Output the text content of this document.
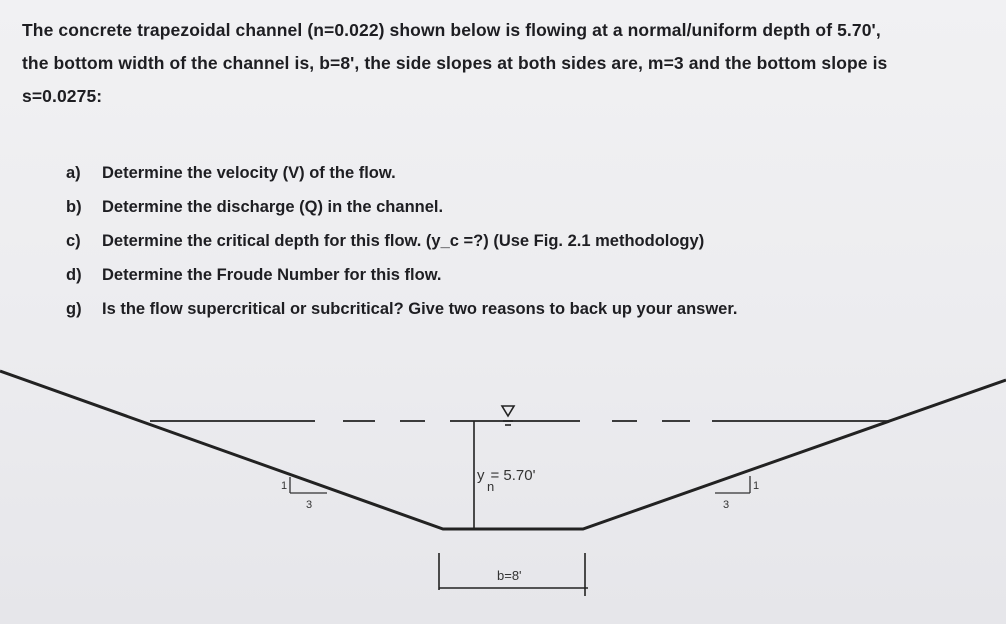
The concrete trapezoidal channel (n=0.022) shown below is flowing at a normal/uniform depth of 5.70',
the bottom width of the channel is, b=8', the side slopes at both sides are, m=3 and the bottom slope is
s=0.0275:
a)	Determine the velocity (V) of the flow.
b)	Determine the discharge (Q) in the channel.
c)	Determine the critical depth for this flow. (y_c =?) (Use Fig. 2.1 methodology)
d)	Determine the Froude Number for this flow.
g)	Is the flow supercritical or subcritical? Give two reasons to back up your answer.
y = 5.70'
n
1
3
1
3
b=8'
